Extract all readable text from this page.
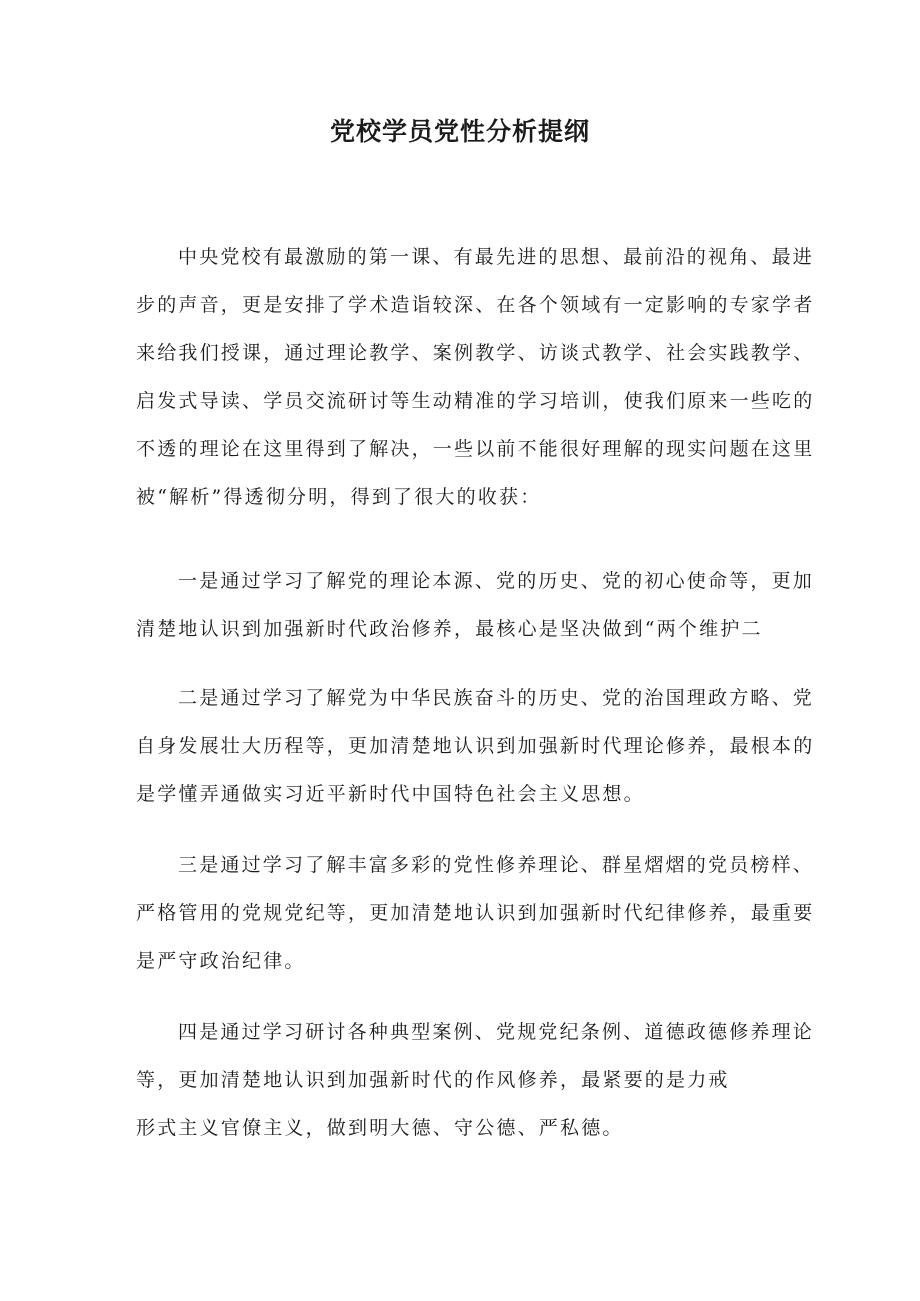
党校学员党性分析提纲

中央党校有最激励的第一课、有最先进的思想、最前沿的视角、最进
步的声音，更是安排了学术造诣较深、在各个领域有一定影响的专家学者
来给我们授课，通过理论教学、案例教学、访谈式教学、社会实践教学、
启发式导读、学员交流研讨等生动精准的学习培训，使我们原来一些吃的
不透的理论在这里得到了解决，一些以前不能很好理解的现实问题在这里
被“解析”得透彻分明，得到了很大的收获：

一是通过学习了解党的理论本源、党的历史、党的初心使命等，更加
清楚地认识到加强新时代政治修养，最核心是坚决做到“两个维护二

二是通过学习了解党为中华民族奋斗的历史、党的治国理政方略、党
自身发展壮大历程等，更加清楚地认识到加强新时代理论修养，最根本的
是学懂弄通做实习近平新时代中国特色社会主义思想。

三是通过学习了解丰富多彩的党性修养理论、群星熠熠的党员榜样、
严格管用的党规党纪等，更加清楚地认识到加强新时代纪律修养，最重要
是严守政治纪律。

四是通过学习研讨各种典型案例、党规党纪条例、道德政德修养理论
等，更加清楚地认识到加强新时代的作风修养，最紧要的是力戒
形式主义官僚主义，做到明大德、守公德、严私德。
